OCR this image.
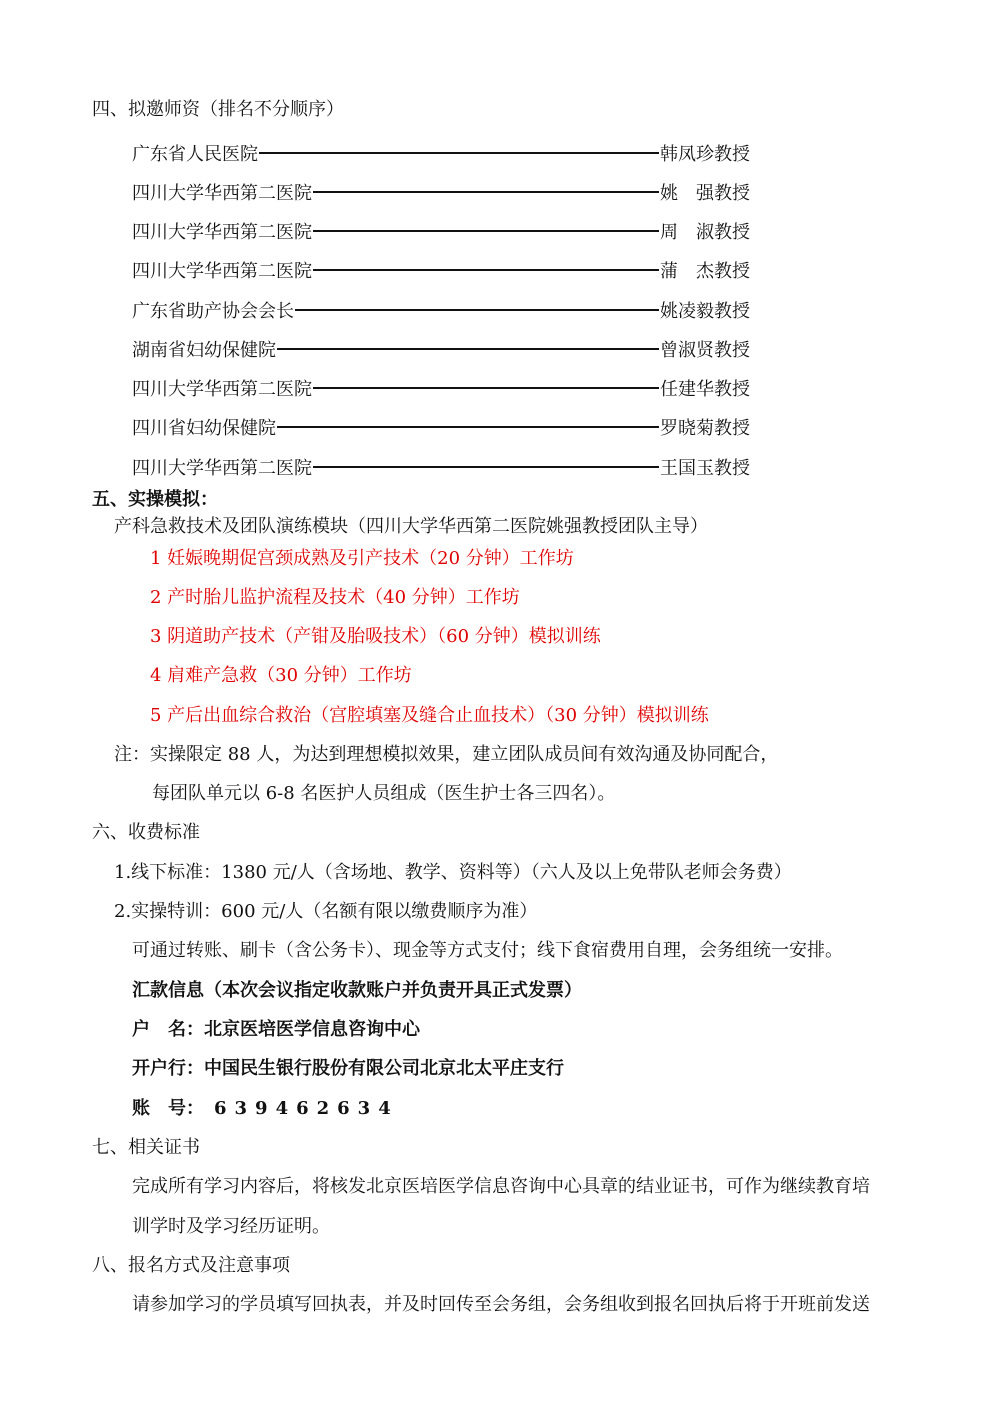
四、拟邀师资（排名不分顺序）
广东省人民医院	韩凤珍教授
四川大学华西第二医院	姚　强教授
四川大学华西第二医院	周　淑教授
四川大学华西第二医院	蒲　杰教授
广东省助产协会会长	姚凌毅教授
湖南省妇幼保健院	曾淑贤教授
四川大学华西第二医院	任建华教授
四川省妇幼保健院	罗晓菊教授
四川大学华西第二医院	王国玉教授
五、实操模拟：
产科急救技术及团队演练模块（四川大学华西第二医院姚强教授团队主导）
1 妊娠晚期促宫颈成熟及引产技术（20 分钟）工作坊
2 产时胎儿监护流程及技术（40 分钟）工作坊
3 阴道助产技术（产钳及胎吸技术）（60 分钟）模拟训练
4 肩难产急救（30 分钟）工作坊
5 产后出血综合救治（宫腔填塞及缝合止血技术）（30 分钟）模拟训练
注：实操限定 88 人，为达到理想模拟效果，建立团队成员间有效沟通及协同配合，
每团队单元以 6-8 名医护人员组成（医生护士各三四名）。
六、收费标准
1.线下标准：1380 元/人（含场地、教学、资料等）（六人及以上免带队老师会务费）
2.实操特训：600 元/人（名额有限以缴费顺序为准）
可通过转账、刷卡（含公务卡）、现金等方式支付；线下食宿费用自理，会务组统一安排。
汇款信息（本次会议指定收款账户并负责开具正式发票）
户　名：北京医培医学信息咨询中心
开户行：中国民生银行股份有限公司北京北太平庄支行
账　号： 639462634
七、相关证书
完成所有学习内容后，将核发北京医培医学信息咨询中心具章的结业证书，可作为继续教育培
训学时及学习经历证明。
八、报名方式及注意事项
请参加学习的学员填写回执表，并及时回传至会务组，会务组收到报名回执后将于开班前发送
